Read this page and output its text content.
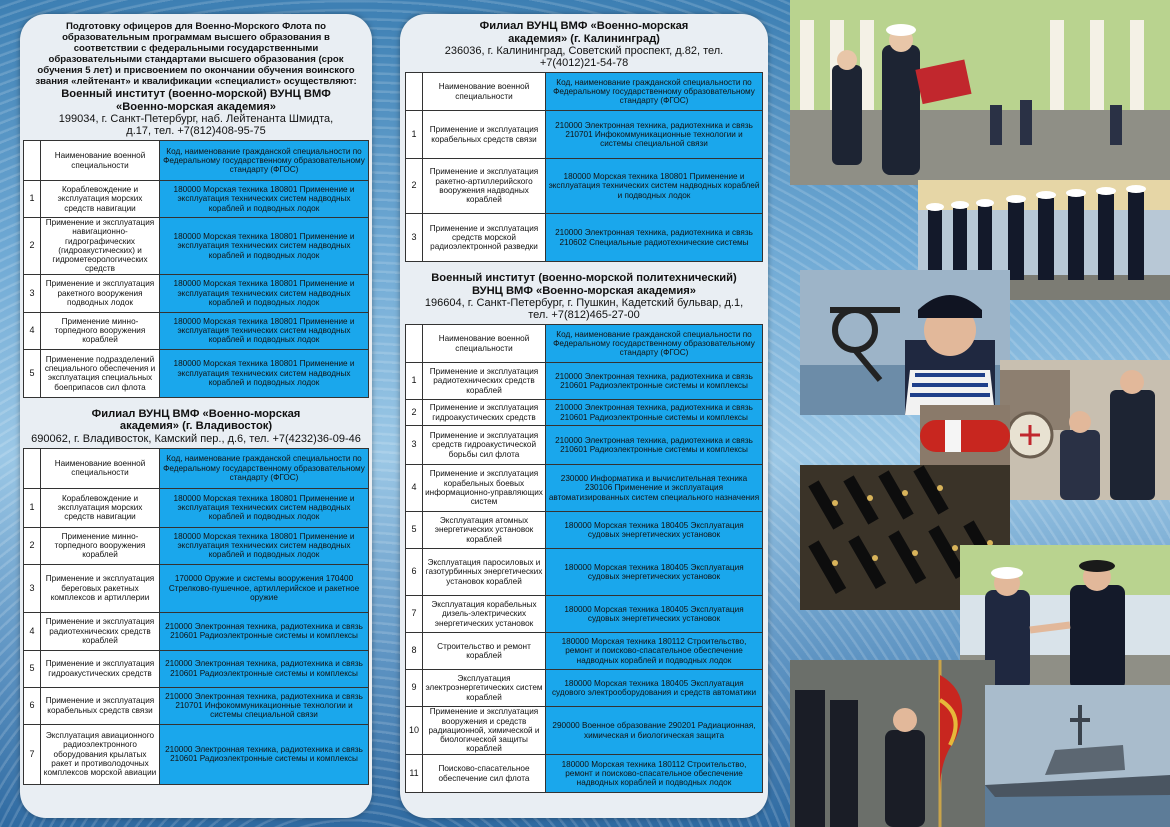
Подготовку офицеров для Военно-Морского Флота по образовательным программам высшего образования в соответствии с федеральными государственными образовательными стандартами высшего образования (срок обучения 5 лет) и присвоением по окончании обучения воинского звания «лейтенант» и квалификации «специалист» осуществляют:
Военный институт (военно-морской) ВУНЦ ВМФ «Военно-морская академия»
199034, г. Санкт-Петербург, наб. Лейтенанта Шмидта, д.17, тел. +7(812)408-95-75
	Наименование военной специальности	Код, наименование гражданской специальности по Федеральному государственному образовательному стандарту (ФГОС)
1	Кораблевождение и эксплуатация морских средств навигации	180000 Морская техника 180801 Применение и эксплуатация технических систем надводных кораблей и подводных лодок
2	Применение и эксплуатация навигационно-гидрографических (гидроакустических) и гидрометеорологических средств	180000 Морская техника 180801 Применение и эксплуатация технических систем надводных кораблей и подводных лодок
3	Применение и эксплуатация ракетного вооружения подводных лодок	180000 Морская техника 180801 Применение и эксплуатация технических систем надводных кораблей и подводных лодок
4	Применение минно-торпедного вооружения кораблей	180000 Морская техника 180801 Применение и эксплуатация технических систем надводных кораблей и подводных лодок
5	Применение подразделений специального обеспечения и эксплуатация специальных боеприпасов сил флота	180000 Морская техника 180801 Применение и эксплуатация технических систем надводных кораблей и подводных лодок
Филиал ВУНЦ ВМФ «Военно-морская академия» (г. Владивосток)
690062, г. Владивосток, Камский пер., д.6, тел. +7(4232)36-09-46
	Наименование военной специальности	Код, наименование гражданской специальности по Федеральному государственному образовательному стандарту (ФГОС)
1	Кораблевождение и эксплуатация морских средств навигации	180000 Морская техника 180801 Применение и эксплуатация технических систем надводных кораблей и подводных лодок
2	Применение минно-торпедного вооружения кораблей	180000 Морская техника 180801 Применение и эксплуатация технических систем надводных кораблей и подводных лодок
3	Применение и эксплуатация береговых ракетных комплексов и артиллерии	170000 Оружие и системы вооружения 170400 Стрелково-пушечное, артиллерийское и ракетное оружие
4	Применение и эксплуатация радиотехнических средств кораблей	210000 Электронная техника, радиотехника и связь 210601 Радиоэлектронные системы и комплексы
5	Применение и эксплуатация гидроакустических средств	210000 Электронная техника, радиотехника и связь 210601 Радиоэлектронные системы и комплексы
6	Применение и эксплуатация корабельных средств связи	210000 Электронная техника, радиотехника и связь 210701 Инфокоммуникационные технологии и системы специальной связи
7	Эксплуатация авиационного радиоэлектронного оборудования крылатых ракет и противолодочных комплексов морской авиации	210000 Электронная техника, радиотехника и связь 210601 Радиоэлектронные системы и комплексы
Филиал ВУНЦ ВМФ «Военно-морская академия» (г. Калининград)
236036, г. Калининград, Советский проспект, д.82, тел. +7(4012)21-54-78
	Наименование военной специальности	Код, наименование гражданской специальности по Федеральному государственному образовательному стандарту (ФГОС)
1	Применение и эксплуатация корабельных средств связи	210000 Электронная техника, радиотехника и связь 210701 Инфокоммуникационные технологии и системы специальной связи
2	Применение и эксплуатация ракетно-артиллерийского вооружения надводных кораблей	180000 Морская техника 180801 Применение и эксплуатация технических систем надводных кораблей и подводных лодок
3	Применение и эксплуатация средств морской радиоэлектронной разведки	210000 Электронная техника, радиотехника и связь 210602 Специальные радиотехнические системы
Военный институт (военно-морской политехнический) ВУНЦ ВМФ «Военно-морская академия»
196604, г. Санкт-Петербург, г. Пушкин, Кадетский бульвар, д.1, тел. +7(812)465-27-00
	Наименование военной специальности	Код, наименование гражданской специальности по Федеральному государственному образовательному стандарту (ФГОС)
1	Применение и эксплуатация радиотехнических средств кораблей	210000 Электронная техника, радиотехника и связь 210601 Радиоэлектронные системы и комплексы
2	Применение и эксплуатация гидроакустических средств	210000 Электронная техника, радиотехника и связь 210601 Радиоэлектронные системы и комплексы
3	Применение и эксплуатация средств гидроакустической борьбы сил флота	210000 Электронная техника, радиотехника и связь 210601 Радиоэлектронные системы и комплексы
4	Применение и эксплуатация корабельных боевых информационно-управляющих систем	230000 Информатика и вычислительная техника 230106 Применение и эксплуатация автоматизированных систем специального назначения
5	Эксплуатация атомных энергетических установок кораблей	180000 Морская техника 180405 Эксплуатация судовых энергетических установок
6	Эксплуатация паросиловых и газотурбинных энергетических установок кораблей	180000 Морская техника 180405 Эксплуатация судовых энергетических установок
7	Эксплуатация корабельных дизель-электрических энергетических установок	180000 Морская техника 180405 Эксплуатация судовых энергетических установок
8	Строительство и ремонт кораблей	180000 Морская техника 180112 Строительство, ремонт и поисково-спасательное обеспечение надводных кораблей и подводных лодок
9	Эксплуатация электроэнергетических систем кораблей	180000 Морская техника 180405 Эксплуатация судового электрооборудования и средств автоматики
10	Применение и эксплуатация вооружения и средств радиационной, химической и биологической защиты кораблей	290000 Военное образование 290201 Радиационная, химическая и биологическая защита
11	Поисково-спасательное обеспечение сил флота	180000 Морская техника 180112 Строительство, ремонт и поисково-спасательное обеспечение надводных кораблей и подводных лодок
